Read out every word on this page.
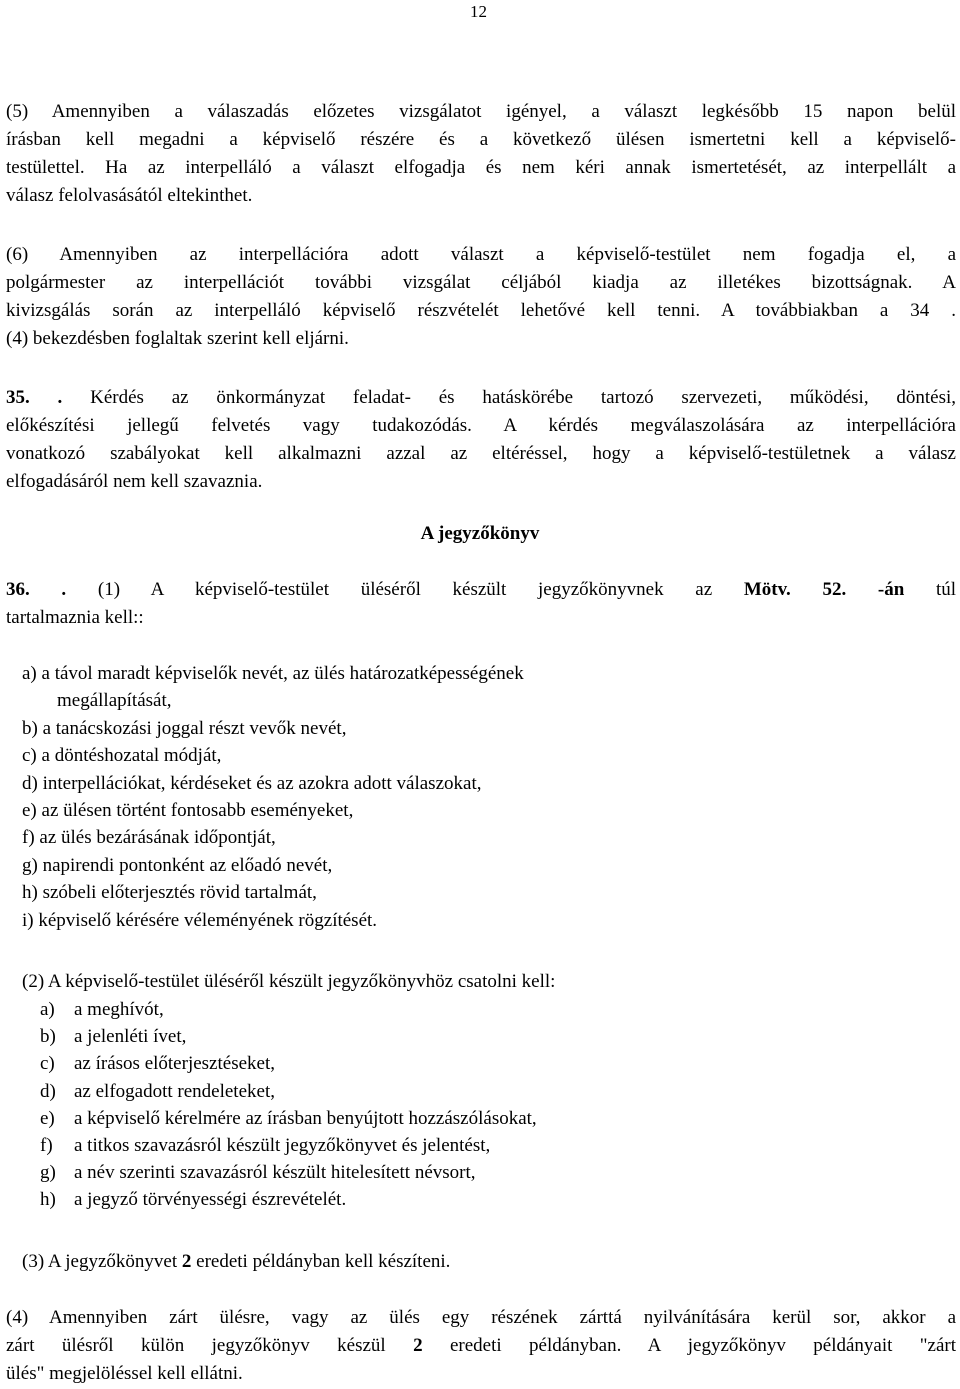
12
(5) Amennyiben a válaszadás előzetes vizsgálatot igényel, a választ legkésőbb 15 napon belül
írásban kell megadni a képviselő részére és a következő ülésen ismertetni kell a képviselő-
testülettel. Ha az interpelláló a választ elfogadja és nem kéri annak ismertetését, az interpellált a
válasz felolvasásától eltekinthet.
(6) Amennyiben az interpellációra adott választ a képviselő-testület nem fogadja el, a
polgármester az interpellációt további vizsgálat céljából kiadja az illetékes bizottságnak. A
kivizsgálás során az interpelláló képviselő részvételét lehetővé kell tenni. A továbbiakban a 34 .
(4) bekezdésben foglaltak szerint kell eljárni.
35. . Kérdés az önkormányzat feladat- és hatáskörébe tartozó szervezeti, működési, döntési,
előkészítési jellegű felvetés vagy tudakozódás. A kérdés megválaszolására az interpellációra
vonatkozó szabályokat kell alkalmazni azzal az eltéréssel, hogy a képviselő-testületnek a válasz
elfogadásáról nem kell szavaznia.
A jegyzőkönyv
36. . (1) A képviselő-testület üléséről készült jegyzőkönyvnek az Mötv. 52. -án túl
tartalmaznia kell::
a) a távol maradt képviselők nevét, az ülés határozatképességének
megállapítását,
b) a tanácskozási joggal részt vevők nevét,
c) a döntéshozatal módját,
d) interpellációkat, kérdéseket és az azokra adott válaszokat,
e) az ülésen történt fontosabb eseményeket,
f) az ülés bezárásának időpontját,
g) napirendi pontonként az előadó nevét,
h) szóbeli előterjesztés rövid tartalmát,
i) képviselő kérésére véleményének rögzítését.
(2) A képviselő-testület üléséről készült jegyzőkönyvhöz csatolni kell:
a) a meghívót,
b) a jelenléti ívet,
c) az írásos előterjesztéseket,
d) az elfogadott rendeleteket,
e) a képviselő kérelmére az írásban benyújtott hozzászólásokat,
f) a titkos szavazásról készült jegyzőkönyvet és jelentést,
g) a név szerinti szavazásról készült hitelesített névsort,
h) a jegyző törvényességi észrevételét.
(3) A jegyzőkönyvet 2 eredeti példányban kell készíteni.
(4) Amennyiben zárt ülésre, vagy az ülés egy részének zárttá nyilvánítására kerül sor, akkor a
zárt ülésről külön jegyzőkönyv készül 2 eredeti példányban. A jegyzőkönyv példányait "zárt
ülés" megjelöléssel kell ellátni.
